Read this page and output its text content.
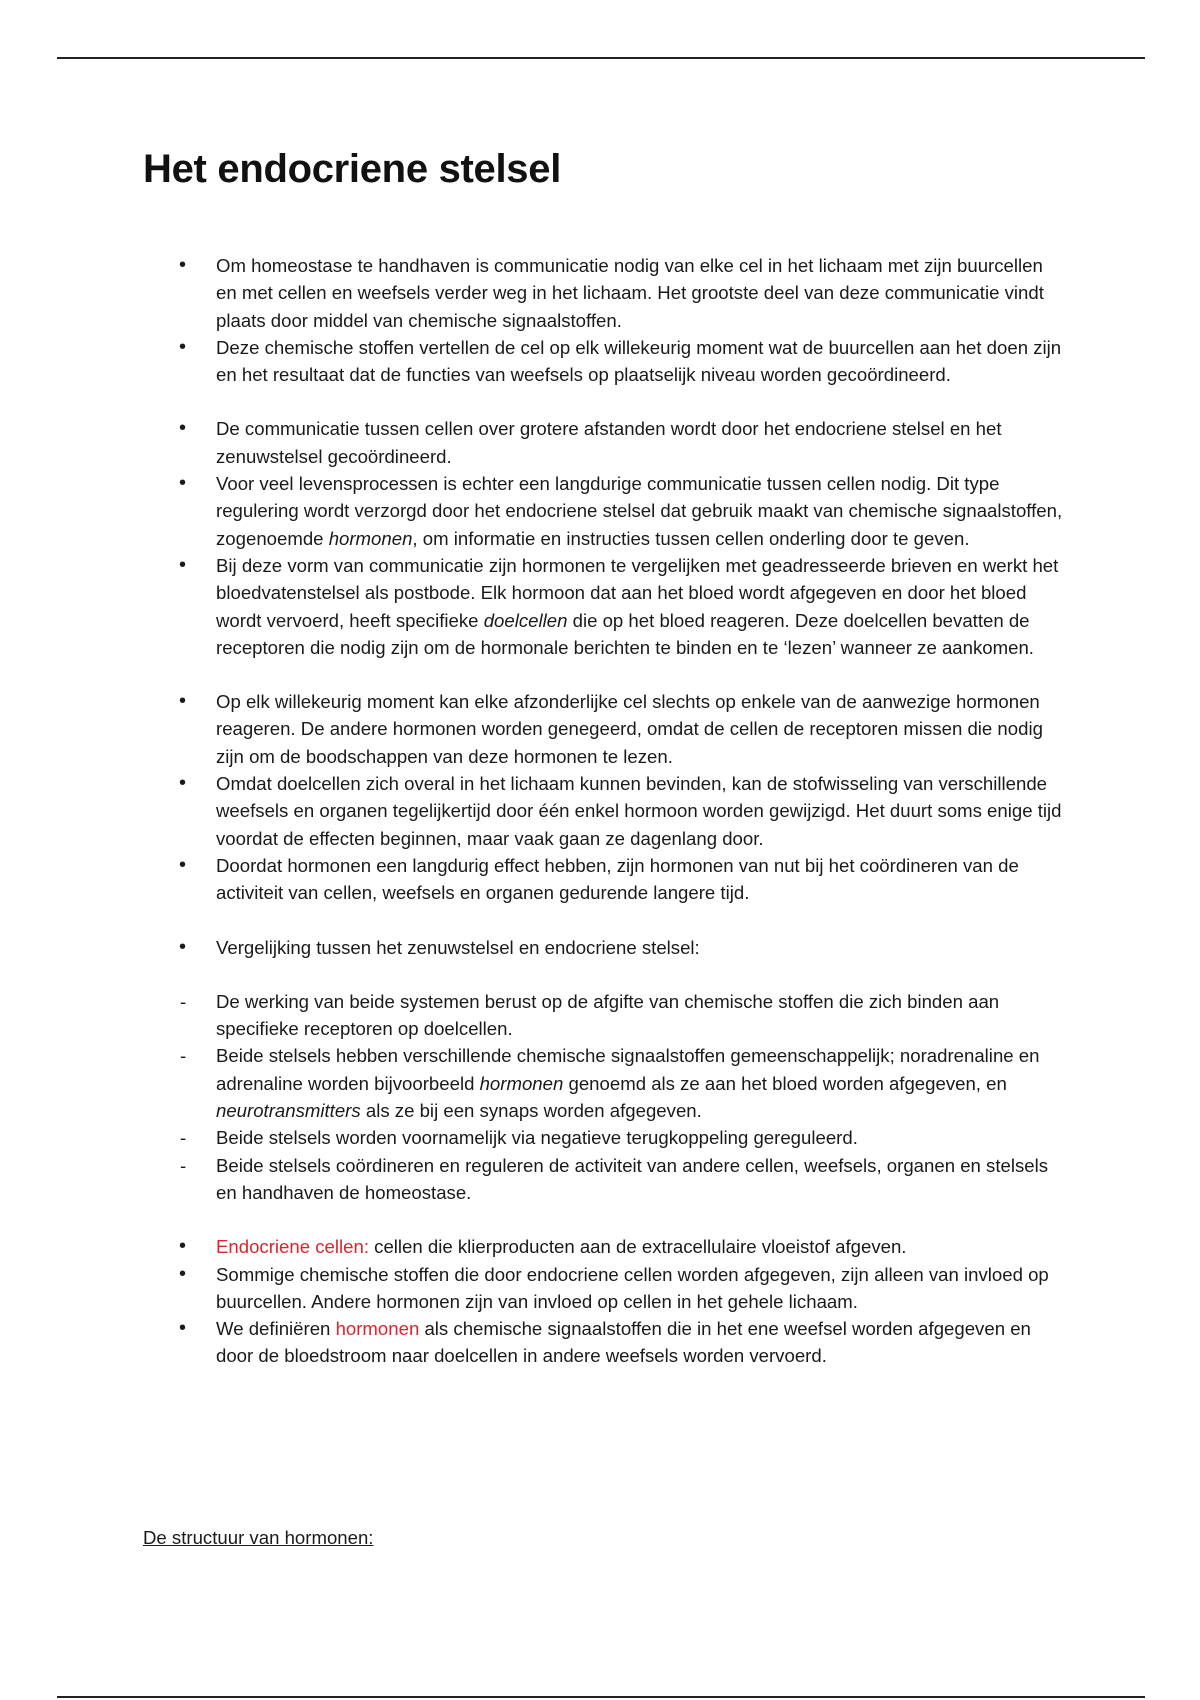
Het endocriene stelsel
• Om homeostase te handhaven is communicatie nodig van elke cel in het lichaam met zijn buurcellen en met cellen en weefsels verder weg in het lichaam. Het grootste deel van deze communicatie vindt plaats door middel van chemische signaalstoffen.
• Deze chemische stoffen vertellen de cel op elk willekeurig moment wat de buurcellen aan het doen zijn en het resultaat dat de functies van weefsels op plaatselijk niveau worden gecoördineerd.
• De communicatie tussen cellen over grotere afstanden wordt door het endocriene stelsel en het zenuwstelsel gecoördineerd.
• Voor veel levensprocessen is echter een langdurige communicatie tussen cellen nodig. Dit type regulering wordt verzorgd door het endocriene stelsel dat gebruik maakt van chemische signaalstoffen, zogenoemde hormonen, om informatie en instructies tussen cellen onderling door te geven.
• Bij deze vorm van communicatie zijn hormonen te vergelijken met geadresseerde brieven en werkt het bloedvatenstelsel als postbode. Elk hormoon dat aan het bloed wordt afgegeven en door het bloed wordt vervoerd, heeft specifieke doelcellen die op het bloed reageren. Deze doelcellen bevatten de receptoren die nodig zijn om de hormonale berichten te binden en te ‘lezen’ wanneer ze aankomen.
• Op elk willekeurig moment kan elke afzonderlijke cel slechts op enkele van de aanwezige hormonen reageren. De andere hormonen worden genegeerd, omdat de cellen de receptoren missen die nodig zijn om de boodschappen van deze hormonen te lezen.
• Omdat doelcellen zich overal in het lichaam kunnen bevinden, kan de stofwisseling van verschillende weefsels en organen tegelijkertijd door één enkel hormoon worden gewijzigd. Het duurt soms enige tijd voordat de effecten beginnen, maar vaak gaan ze dagenlang door.
• Doordat hormonen een langdurig effect hebben, zijn hormonen van nut bij het coördineren van de activiteit van cellen, weefsels en organen gedurende langere tijd.
• Vergelijking tussen het zenuwstelsel en endocriene stelsel:
- De werking van beide systemen berust op de afgifte van chemische stoffen die zich binden aan specifieke receptoren op doelcellen.
- Beide stelsels hebben verschillende chemische signaalstoffen gemeenschappelijk; noradrenaline en adrenaline worden bijvoorbeeld hormonen genoemd als ze aan het bloed worden afgegeven, en neurotransmitters als ze bij een synaps worden afgegeven.
- Beide stelsels worden voornamelijk via negatieve terugkoppeling gereguleerd.
- Beide stelsels coördineren en reguleren de activiteit van andere cellen, weefsels, organen en stelsels en handhaven de homeostase.
• Endocriene cellen: cellen die klierproducten aan de extracellulaire vloeistof afgeven.
• Sommige chemische stoffen die door endocriene cellen worden afgegeven, zijn alleen van invloed op buurcellen. Andere hormonen zijn van invloed op cellen in het gehele lichaam.
• We definiëren hormonen als chemische signaalstoffen die in het ene weefsel worden afgegeven en door de bloedstroom naar doelcellen in andere weefsels worden vervoerd.
De structuur van hormonen:
